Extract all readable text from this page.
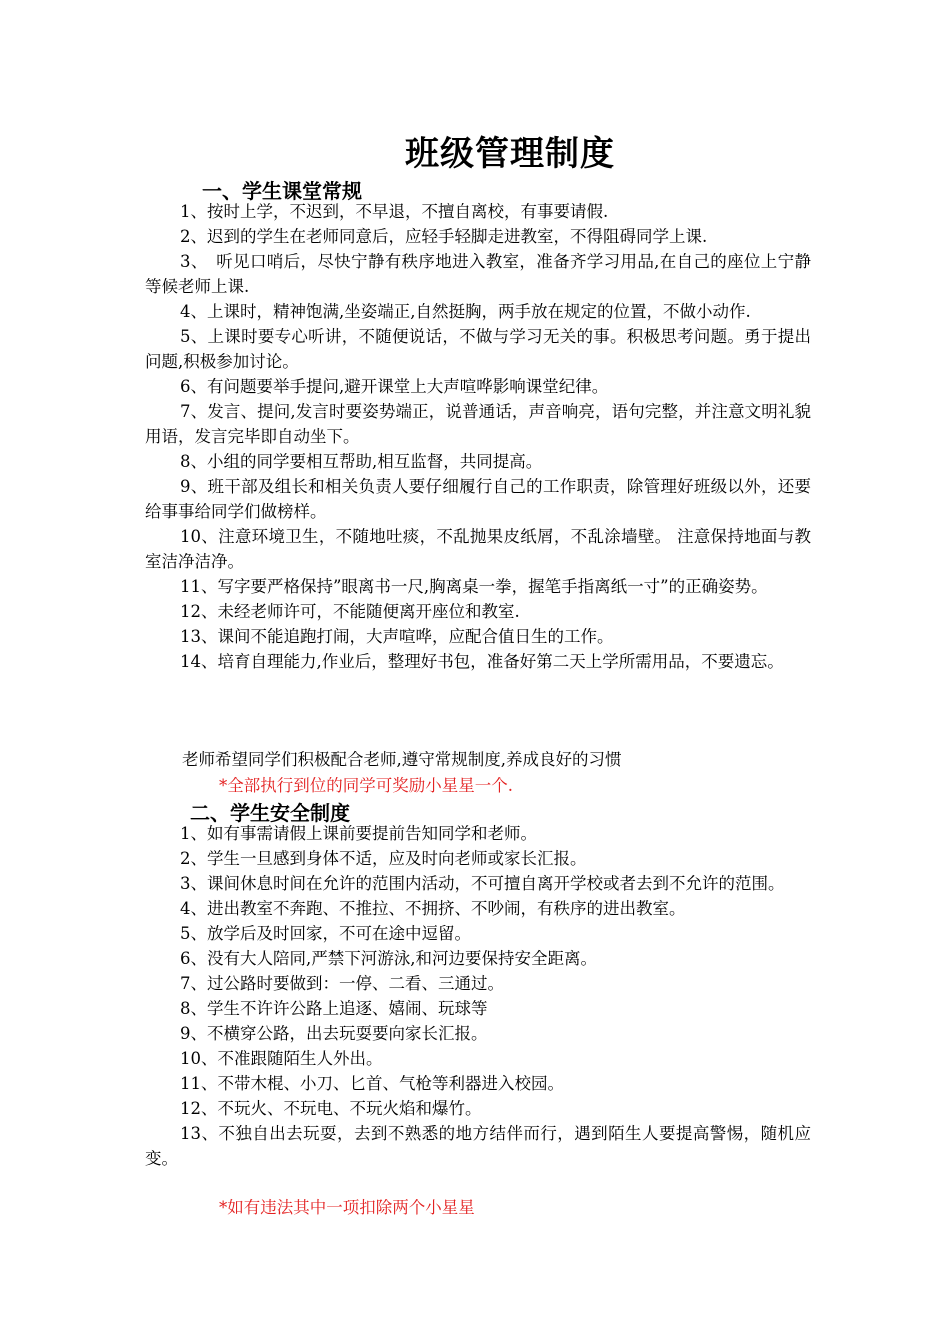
班级管理制度
一、学生课堂常规

1、按时上学，不迟到，不早退，不擅自离校，有事要请假.

2、迟到的学生在老师同意后，应轻手轻脚走进教室，不得阻碍同学上课.

3、　听见口哨后，尽快宁静有秩序地进入教室，准备齐学习用品,在自己的座位上宁静等候老师上课.

4、上课时，精神饱满,坐姿端正,自然挺胸，两手放在规定的位置，不做小动作.

5、上课时要专心听讲，不随便说话，不做与学习无关的事。积极思考问题。勇于提出问题,积极参加讨论。

6、有问题要举手提问,避开课堂上大声喧哗影响课堂纪律。

7、发言、提问,发言时要姿势端正，说普通话，声音响亮，语句完整，并注意文明礼貌用语，发言完毕即自动坐下。

8、小组的同学要相互帮助,相互监督，共同提高。

9、班干部及组长和相关负责人要仔细履行自己的工作职责，除管理好班级以外，还要给事事给同学们做榜样。

10、注意环境卫生，不随地吐痰，不乱抛果皮纸屑，不乱涂墙壁。 注意保持地面与教室洁净洁净。

11、写字要严格保持”眼离书一尺,胸离桌一拳，握笔手指离纸一寸”的正确姿势。

12、未经老师许可，不能随便离开座位和教室.

13、课间不能追跑打闹，大声喧哗，应配合值日生的工作。

14、培育自理能力,作业后，整理好书包，准备好第二天上学所需用品，不要遗忘。

老师希望同学们积极配合老师,遵守常规制度,养成良好的习惯
*全部执行到位的同学可奖励小星星一个.
二、学生安全制度

1、如有事需请假上课前要提前告知同学和老师。

2、学生一旦感到身体不适，应及时向老师或家长汇报。

3、课间休息时间在允许的范围内活动，不可擅自离开学校或者去到不允许的范围。

4、进出教室不奔跑、不推拉、不拥挤、不吵闹，有秩序的进出教室。

5、放学后及时回家，不可在途中逗留。

6、没有大人陪同,严禁下河游泳,和河边要保持安全距离。

7、过公路时要做到：一停、二看、三通过。

8、学生不许许公路上追逐、嬉闹、玩球等

9、不横穿公路，出去玩耍要向家长汇报。

10、不准跟随陌生人外出。

11、不带木棍、小刀、匕首、气枪等利器进入校园。

12、不玩火、不玩电、不玩火焰和爆竹。

13、不独自出去玩耍，去到不熟悉的地方结伴而行，遇到陌生人要提高警惕，随机应变。

*如有违法其中一项扣除两个小星星
